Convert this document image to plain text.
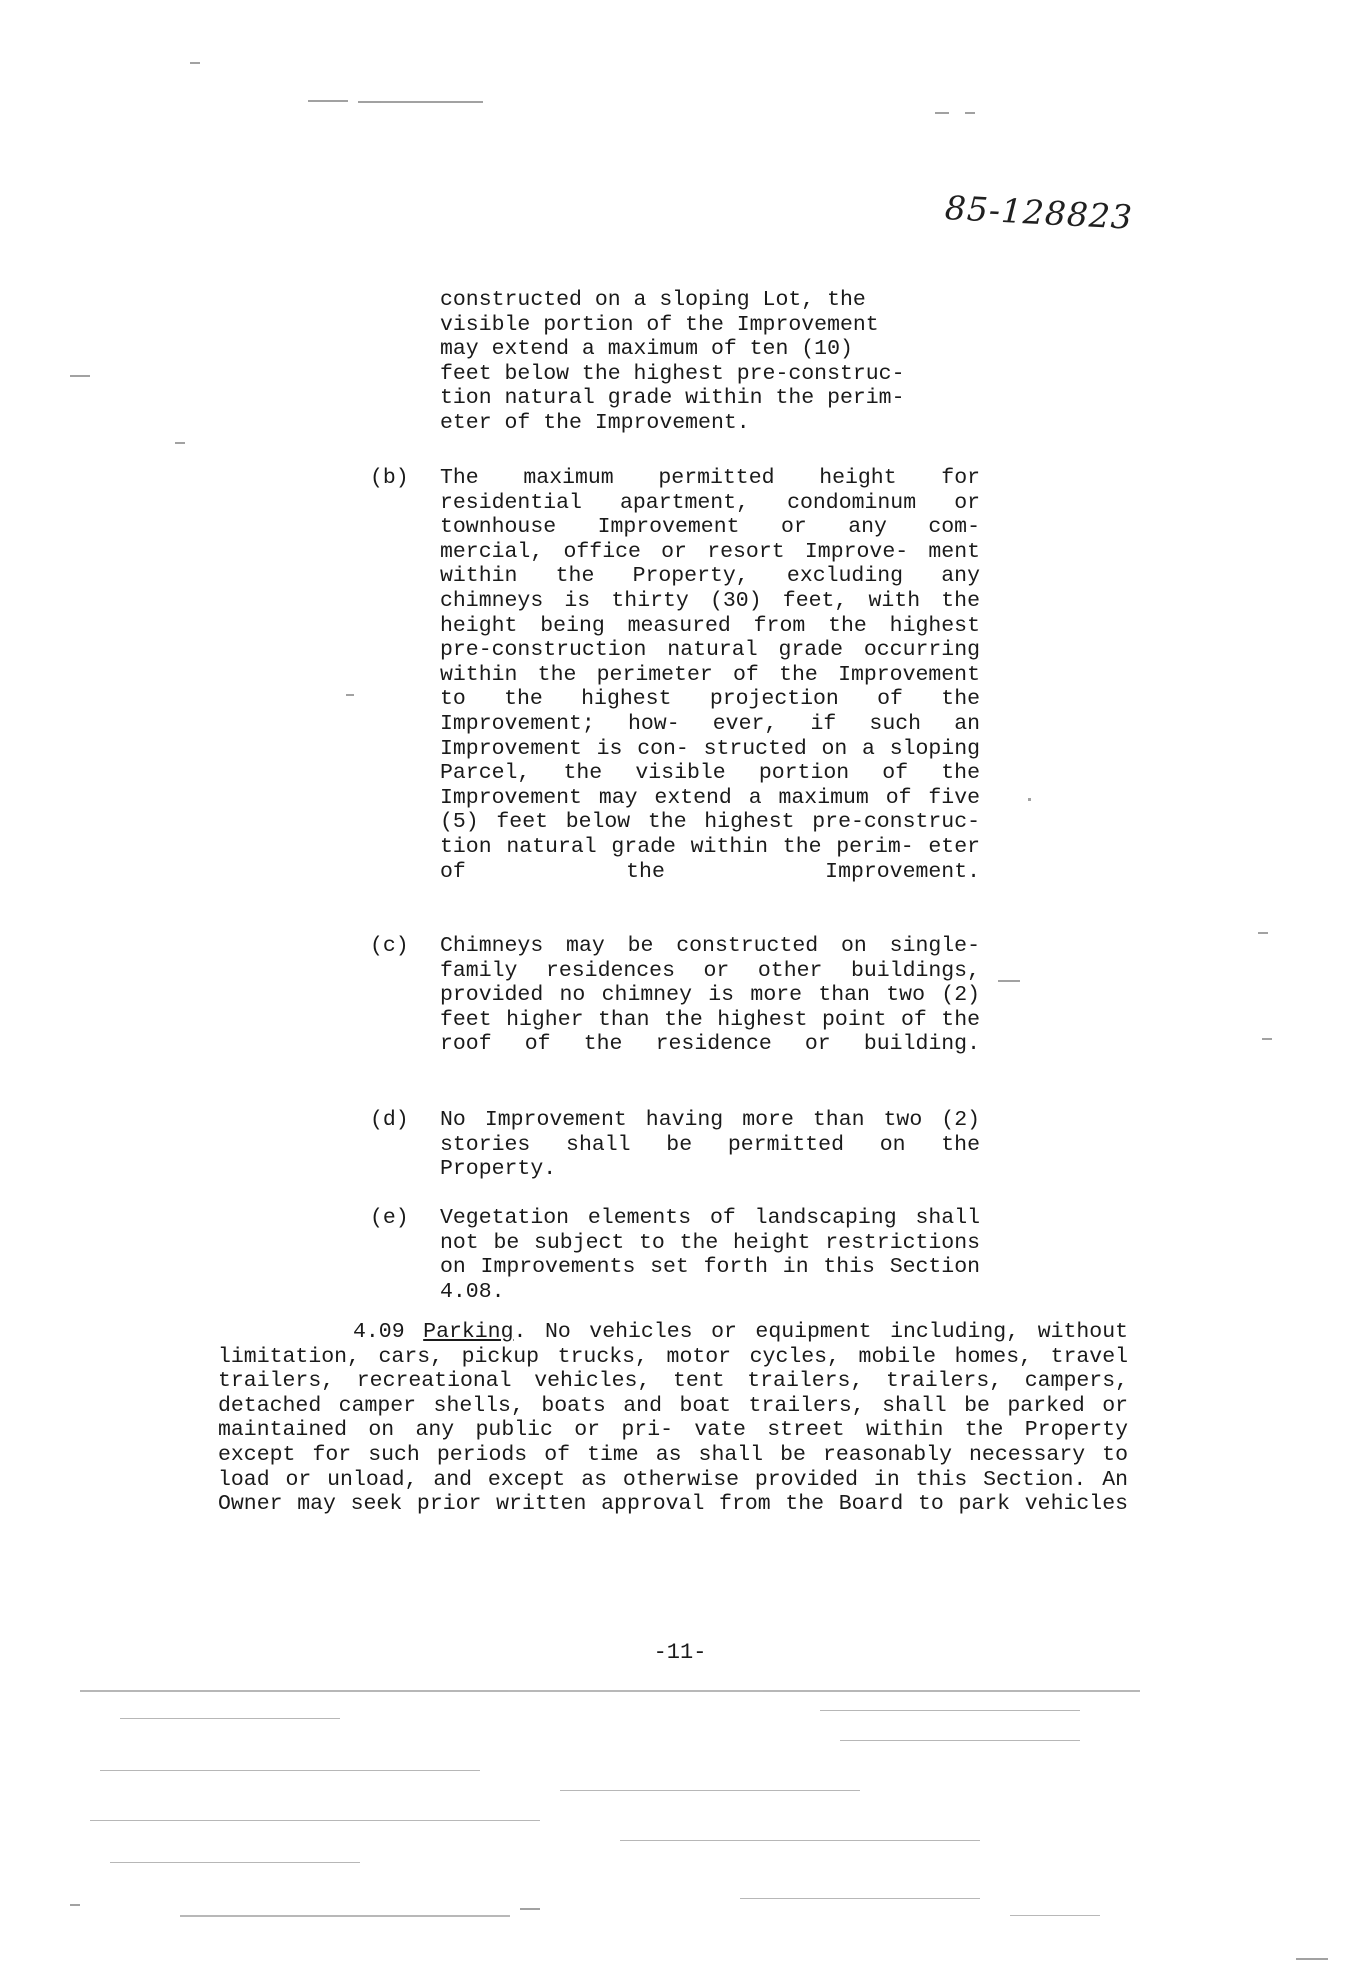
85-128823
constructed on a sloping Lot, the
visible portion of the Improvement
may extend a maximum of ten (10)
feet below the highest pre-construc-
tion natural grade within the perim-
eter of the Improvement.
(b) The maximum permitted height for residential apartment, condominum or townhouse Improvement or any com- mercial, office or resort Improve- ment within the Property, excluding any chimneys is thirty (30) feet, with the height being measured from the highest pre-construction natural grade occurring within the perimeter of the Improvement to the highest projection of the Improvement; how- ever, if such an Improvement is con- structed on a sloping Parcel, the visible portion of the Improvement may extend a maximum of five (5) feet below the highest pre-construc- tion natural grade within the perim- eter of the Improvement.
(c) Chimneys may be constructed on single-family residences or other buildings, provided no chimney is more than two (2) feet higher than the highest point of the roof of the residence or building.
(d) No Improvement having more than two (2) stories shall be permitted on the Property.
(e) Vegetation elements of landscaping shall not be subject to the height restrictions on Improvements set forth in this Section 4.08.
4.09 Parking. No vehicles or equipment including, without limitation, cars, pickup trucks, motor cycles, mobile homes, travel trailers, recreational vehicles, tent trailers, trailers, campers, detached camper shells, boats and boat trailers, shall be parked or maintained on any public or pri- vate street within the Property except for such periods of time as shall be reasonably necessary to load or unload, and except as otherwise provided in this Section. An Owner may seek prior written approval from the Board to park vehicles
-11-
